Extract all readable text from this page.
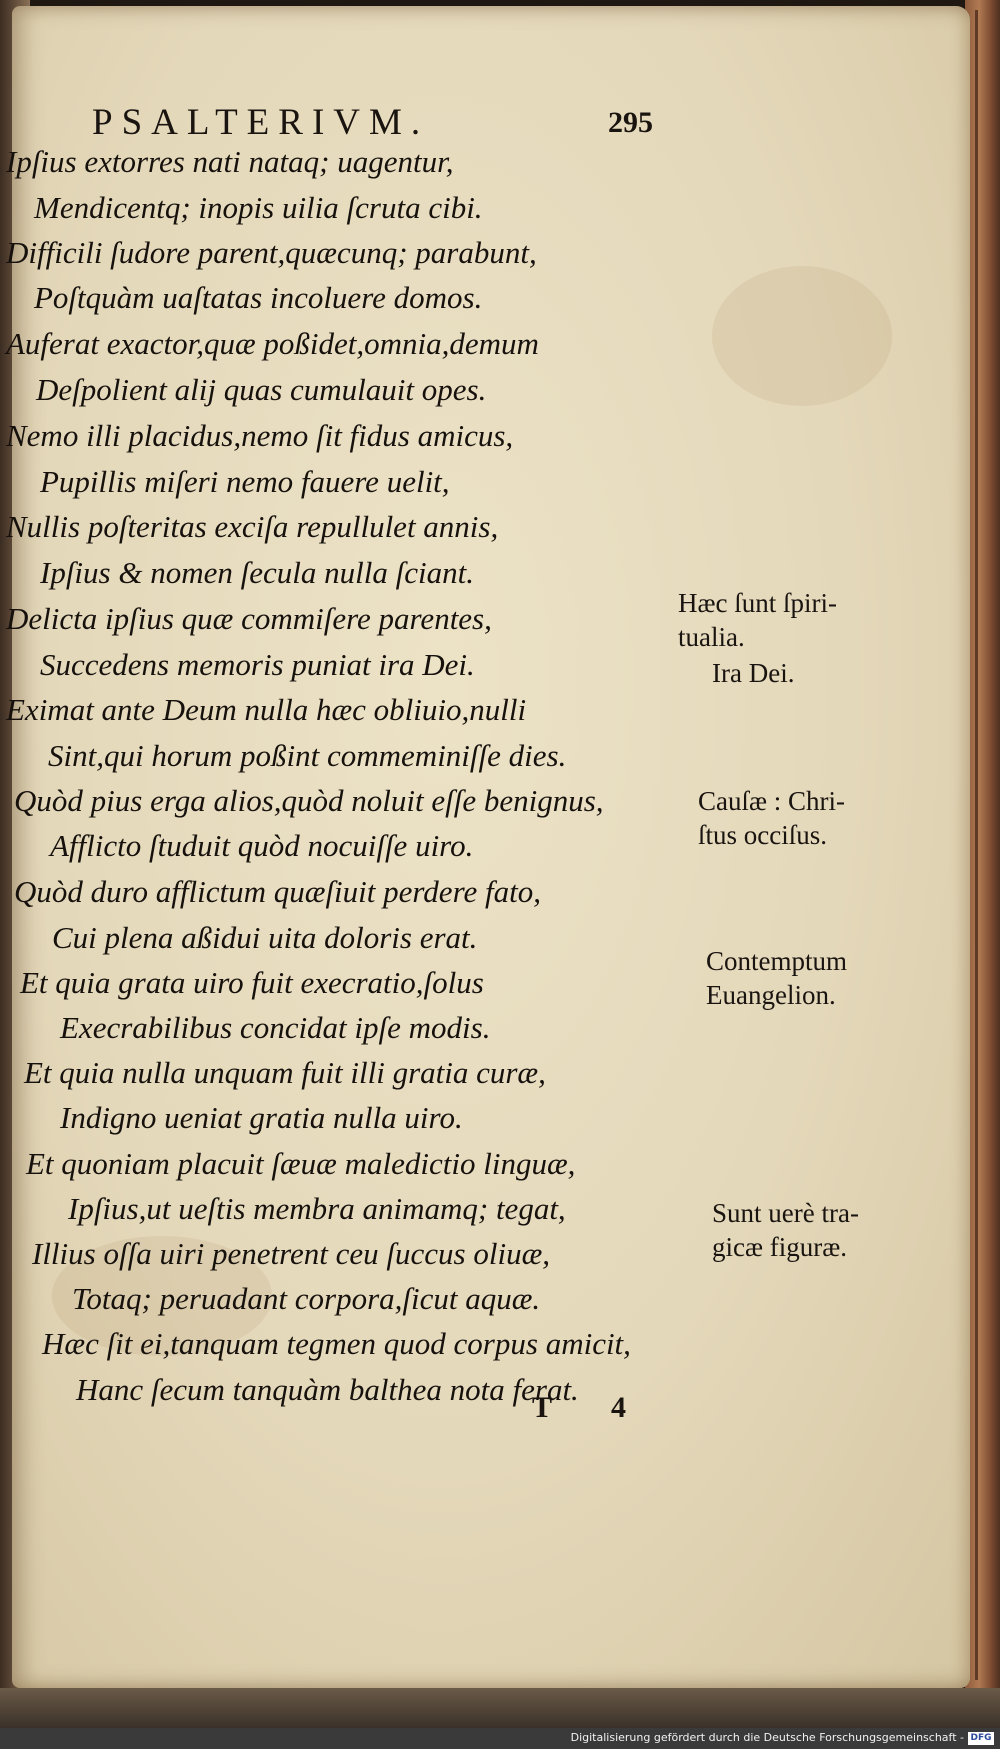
PSALTERIVM.	295
Ipſius extorres nati nataq; uagentur,
Mendicentq; inopis uilia ſcruta cibi.
Difficili ſudore parent,quæcunq; parabunt,
Poſtquàm uaſtatas incoluere domos.
Auferat exactor,quæ poßidet,omnia,demum
Deſpolient alij quas cumulauit opes.
Nemo illi placidus,nemo ſit fidus amicus,
Pupillis miſeri nemo fauere uelit,
Nullis poſteritas exciſa repullulet annis,
Ipſius & nomen ſecula nulla ſciant.
Delicta ipſius quæ commiſere parentes,
Succedens memoris puniat ira Dei.
Eximat ante Deum nulla hæc obliuio,nulli
Sint,qui horum poßint commeminiſſe dies.
Quòd pius erga alios,quòd noluit eſſe benignus,
Afflicto ſtuduit quòd nocuiſſe uiro.
Quòd duro afflictum quæſiuit perdere fato,
Cui plena aßidui uita doloris erat.
Et quia grata uiro fuit execratio,ſolus
Execrabilibus concidat ipſe modis.
Et quia nulla unquam fuit illi gratia curæ,
Indigno ueniat gratia nulla uiro.
Et quoniam placuit ſæuæ maledictio linguæ,
Ipſius,ut ueſtis membra animamq; tegat,
Illius oſſa uiri penetrent ceu ſuccus oliuæ,
Totaq; peruadant corpora,ſicut aquæ.
Hæc ſit ei,tanquam tegmen quod corpus amicit,
Hanc ſecum tanquàm balthea nota ferat.
Hæc ſunt ſpiri-
tualia.
Ira Dei.
Cauſæ : Chri-
ſtus occiſus.
Contemptum
Euangelion.
Sunt uerè tra-
gicæ figuræ.
T 4
Digitalisierung gefördert durch die Deutsche Forschungsgemeinschaft - DFG
